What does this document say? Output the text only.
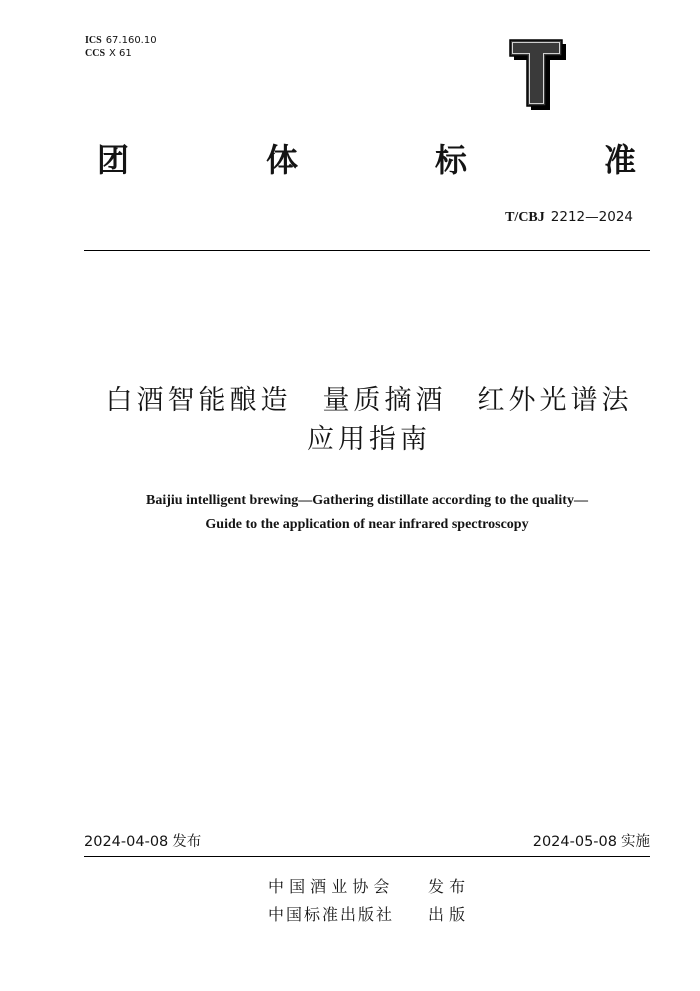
ICS 67.160.10
CCS X 61
团	体	标	准
T/CBJ 2212—2024
白酒智能酿造　量质摘酒　红外光谱法
应用指南
Baijiu intelligent brewing—Gathering distillate according to the quality—
Guide to the application of near infrared spectroscopy
2024-04-08 发布	2024-05-08 实施
中 国 酒 业 协 会 发 布
中国标准出版社 出 版
